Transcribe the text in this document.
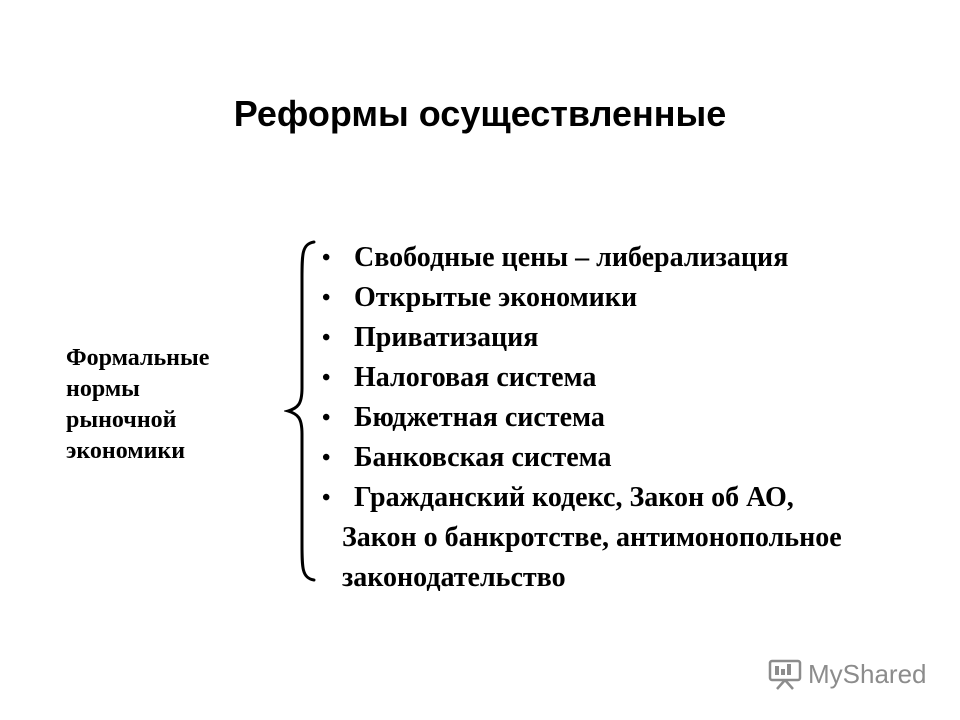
Реформы осуществленные
Формальные
нормы
рыночной
экономики
• Свободные цены – либерализация
• Открытые экономики
• Приватизация
• Налоговая система
• Бюджетная система
• Банковская система
• Гражданский кодекс, Закон об АО,
Закон о банкротстве, антимонопольное
законодательство
MyShared
